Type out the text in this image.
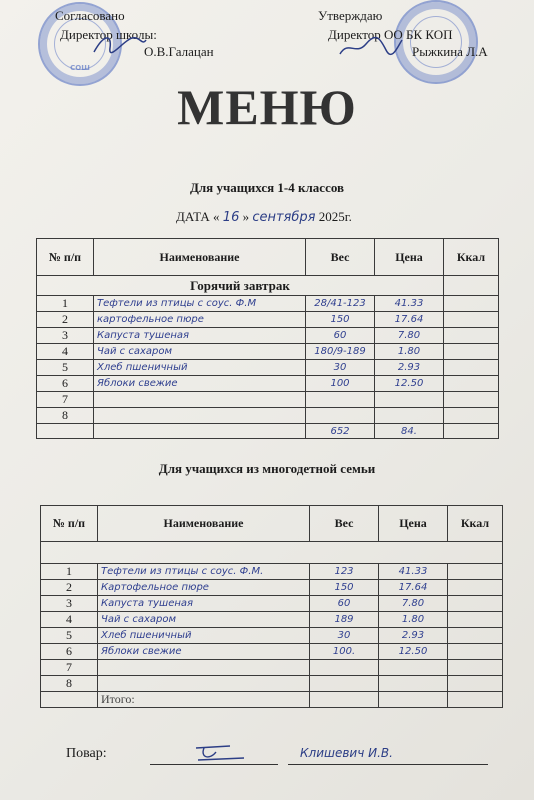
СОШ
Согласовано
Директор школы:
О.В.Галацан
Утверждаю
Директор ОО БК КОП
Рыжкина Л.А
МЕНЮ
Для учащихся 1-4 классов
ДАТА « 16 » сентября 2025г.
№ п/п	Наименование	Вес	Цена	Ккал
Горячий завтрак				
1	Тефтели из птицы с соус. Ф.М	28/41-123	41.33	
2	картофельное пюре	150	17.64	
3	Капуста тушеная	60	7.80	
4	Чай с сахаром	180/9-189	1.80	
5	Хлеб пшеничный	30	2.93	
6	Яблоки свежие	100	12.50	
7				
8				
		652	84.	
Для учащихся из многодетной семьи
№ п/п	Наименование	Вес	Цена	Ккал

1	Тефтели из птицы с соус. Ф.М.	123	41.33	
2	Картофельное пюре	150	17.64	
3	Капуста тушеная	60	7.80	
4	Чай с сахаром	189	1.80	
5	Хлеб пшеничный	30	2.93	
6	Яблоки свежие	100.	12.50	
7				
8				
	Итого:			
Повар:	Клишевич И.В.
